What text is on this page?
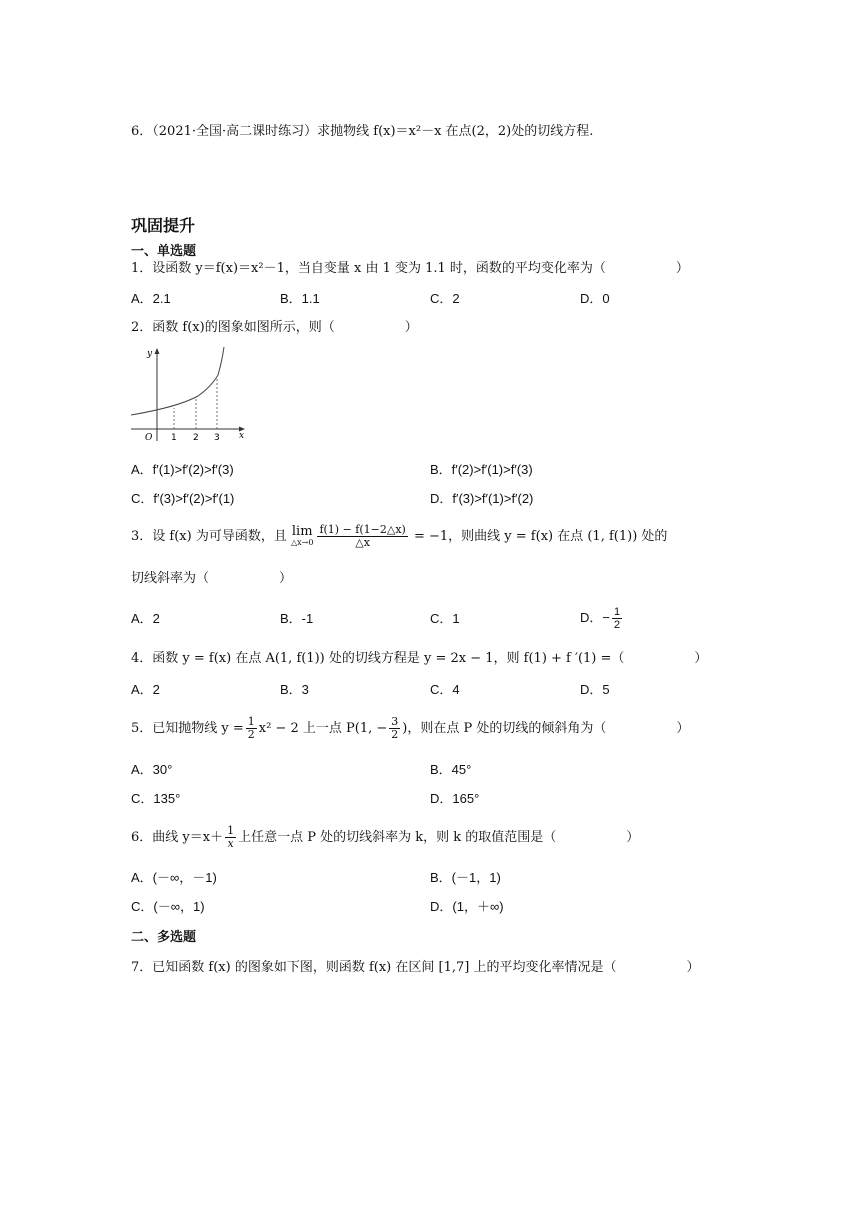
6．（2021·全国·高二课时练习）求抛物线 f(x)＝x²－x 在点(2，2)处的切线方程.
巩固提升
一、单选题
1．设函数 y＝f(x)＝x²－1，当自变量 x 由 1 变为 1.1 时，函数的平均变化率为（	）
A．2.1	B．1.1	C．2	D．0
2．函数 f(x)的图象如图所示，则（	）
y
x
O 1 2 3
A．f′(1)>f′(2)>f′(3)	B．f′(2)>f′(1)>f′(3)
C．f′(3)>f′(2)>f′(1)	D．f′(3)>f′(1)>f′(2)
3．设 f(x) 为可导函数，且 lim
△x→0 $\frac{f(1) - f(1-2\triangle x)}{\triangle x} = -1$，则曲线 y = f(x) 在点 (1, f(1)) 处的
切线斜率为（	）
A．2	B．-1	C．1	D．− $\frac{1}{2}$
4．函数 y = f(x) 在点 A(1, f(1)) 处的切线方程是 y = 2x − 1，则 f(1) + f ′(1) =（	）
A．2	B．3	C．4	D．5
5．已知抛物线 $y = \frac{1}{2} x^2 - 2$ 上一点 P(1, − $\frac{3}{2}$ )，则在点 P 处的切线的倾斜角为（	）
A．30°	B．45°
C．135°	D．165°
6．曲线 $y=x+ \frac{1}{x}$ 上任意一点 P 处的切线斜率为 k，则 k 的取值范围是（	）
A．(－∞，－1)	B．(－1，1)
C．(－∞，1)	D．(1，＋∞)
二、多选题
7．已知函数 f(x) 的图象如下图，则函数 f(x) 在区间 [1,7] 上的平均变化率情况是（	）
